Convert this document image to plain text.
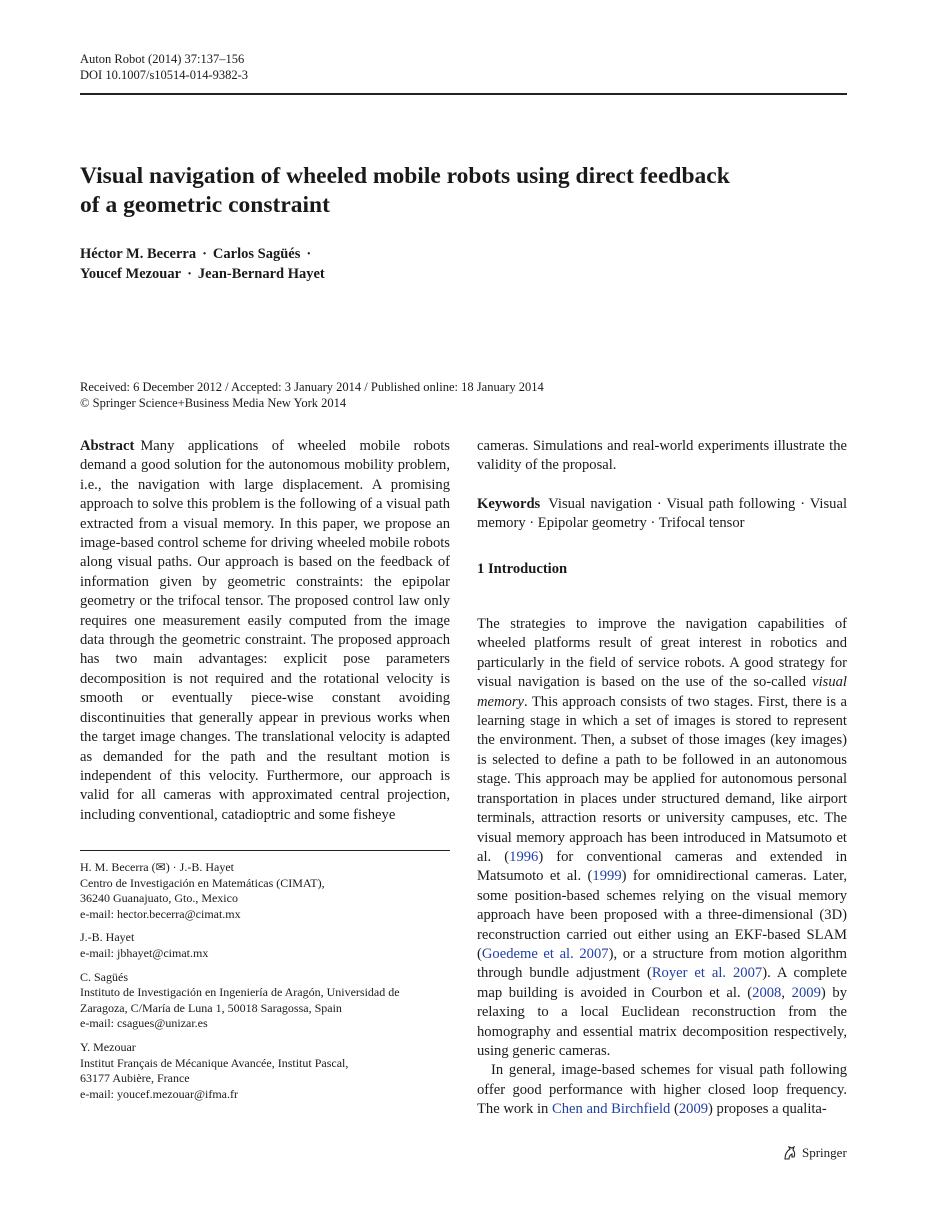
Auton Robot (2014) 37:137–156
DOI 10.1007/s10514-014-9382-3
Visual navigation of wheeled mobile robots using direct feedback
of a geometric constraint
Héctor M. Becerra · Carlos Sagüés ·
Youcef Mezouar · Jean-Bernard Hayet
Received: 6 December 2012 / Accepted: 3 January 2014 / Published online: 18 January 2014
© Springer Science+Business Media New York 2014

Abstract Many applications of wheeled mobile robots demand a good solution for the autonomous mobility problem, i.e., the navigation with large displacement. A promising approach to solve this problem is the following of a visual path extracted from a visual memory. In this paper, we propose an image-based control scheme for driving wheeled mobile robots along visual paths. Our approach is based on the feedback of information given by geometric constraints: the epipolar geometry or the trifocal tensor. The proposed control law only requires one measurement easily computed from the image data through the geometric constraint. The proposed approach has two main advantages: explicit pose parameters decomposition is not required and the rotational velocity is smooth or eventually piece-wise constant avoiding discontinuities that generally appear in previous works when the target image changes. The translational velocity is adapted as demanded for the path and the resultant motion is independent of this velocity. Furthermore, our approach is valid for all cameras with approximated central projection, including conventional, catadioptric and some fisheye

H. M. Becerra (✉) · J.-B. Hayet
Centro de Investigación en Matemáticas (CIMAT),
36240 Guanajuato, Gto., Mexico
e-mail: hector.becerra@cimat.mx
J.-B. Hayet
e-mail: jbhayet@cimat.mx
C. Sagüés
Instituto de Investigación en Ingeniería de Aragón, Universidad de Zaragoza, C/María de Luna 1, 50018 Saragossa, Spain
e-mail: csagues@unizar.es
Y. Mezouar
Institut Français de Mécanique Avancée, Institut Pascal,
63177 Aubière, France
e-mail: youcef.mezouar@ifma.fr

cameras. Simulations and real-world experiments illustrate the validity of the proposal.

Keywords Visual navigation · Visual path following · Visual memory · Epipolar geometry · Trifocal tensor

1 Introduction

The strategies to improve the navigation capabilities of wheeled platforms result of great interest in robotics and particularly in the field of service robots. A good strategy for visual navigation is based on the use of the so-called visual memory. This approach consists of two stages. First, there is a learning stage in which a set of images is stored to represent the environment. Then, a subset of those images (key images) is selected to define a path to be followed in an autonomous stage. This approach may be applied for autonomous personal transportation in places under structured demand, like airport terminals, attraction resorts or university campuses, etc. The visual memory approach has been introduced in Matsumoto et al. (1996) for conventional cameras and extended in Matsumoto et al. (1999) for omnidirectional cameras. Later, some position-based schemes relying on the visual memory approach have been proposed with a three-dimensional (3D) reconstruction carried out either using an EKF-based SLAM (Goedeme et al. 2007), or a structure from motion algorithm through bundle adjustment (Royer et al. 2007). A complete map building is avoided in Courbon et al. (2008, 2009) by relaxing to a local Euclidean reconstruction from the homography and essential matrix decomposition respectively, using generic cameras.

In general, image-based schemes for visual path following offer good performance with higher closed loop frequency. The work in Chen and Birchfield (2009) proposes a qualita-

Springer
